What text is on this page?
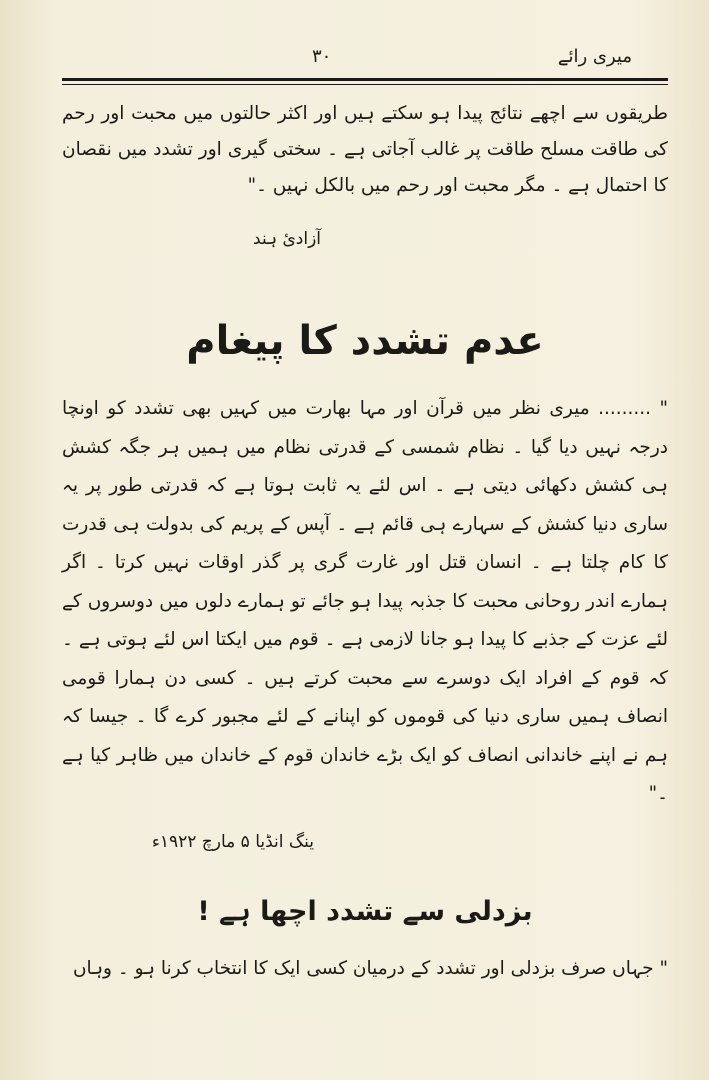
میری رائے
۳۰
طریقوں سے اچھے نتائج پیدا ہو سکتے ہیں اور اکثر حالتوں میں محبت اور رحم کی طاقت مسلح طاقت پر غالب آجاتی ہے ۔ سختی گیری اور تشدد میں نقصان کا احتمال ہے ۔ مگر محبت اور رحم میں بالکل نہیں ۔"
آزادیٔ ہند
عدم تشدد کا پیغام
" ......... میری نظر میں قرآن اور مہا بھارت میں کہیں بھی تشدد کو اونچا درجہ نہیں دیا گیا ۔ نظام شمسی کے قدرتی نظام میں ہمیں ہر جگہ کشش ہی کشش دکھائی دیتی ہے ۔ اس لئے یہ ثابت ہوتا ہے کہ قدرتی طور پر یہ ساری دنیا کشش کے سہارے ہی قائم ہے ۔ آپس کے پریم کی بدولت ہی قدرت کا کام چلتا ہے ۔ انسان قتل اور غارت گری پر گذر اوقات نہیں کرتا ۔ اگر ہمارے اندر روحانی محبت کا جذبہ پیدا ہو جائے تو ہمارے دلوں میں دوسروں کے لئے عزت کے جذبے کا پیدا ہو جانا لازمی ہے ۔ قوم میں ایکتا اس لئے ہوتی ہے ۔ کہ قوم کے افراد ایک دوسرے سے محبت کرتے ہیں ۔ کسی دن ہمارا قومی انصاف ہمیں ساری دنیا کی قوموں کو اپنانے کے لئے مجبور کرے گا ۔ جیسا کہ ہم نے اپنے خاندانی انصاف کو ایک بڑے خاندان قوم کے خاندان میں ظاہر کیا ہے ۔"
ینگ انڈیا ۵ مارچ ۱۹۲۲ء
بزدلی سے تشدد اچھا ہے !
" جہاں صرف بزدلی اور تشدد کے درمیان کسی ایک کا انتخاب کرنا ہو ۔ وہاں
